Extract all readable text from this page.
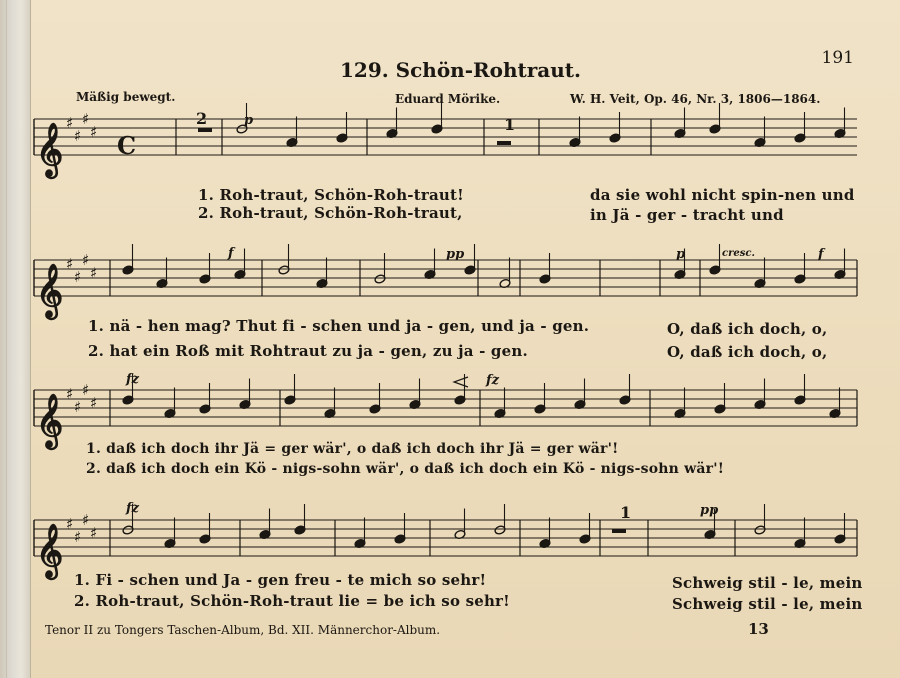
129. Schön-Rohtraut.	191
Mäßig bewegt.	Eduard Mörike.	W. H. Veit, Op. 46, Nr. 3, 1806—1864.
𝄞 ♯
♯
♯
♯
𝄞 ♯
♯
♯
♯
𝄞 ♯
♯
♯
♯
𝄞 ♯
♯
♯
♯
C
p
2	1
f	pp	p	cresc.	f
fz	fz
fz	pp
1
1. Roh-traut, Schön-Roh-traut!
2. Roh-traut, Schön-Roh-traut,
da sie wohl nicht spin-nen und
in Jä - ger - tracht und
1. nä - hen mag? Thut fi - schen und ja - gen, und ja - gen.
2. hat ein Roß mit Rohtraut zu ja - gen, zu ja - gen.
O, daß ich doch, o,
O, daß ich doch, o,
1. daß ich doch ihr Jä = ger wär', o daß ich doch ihr Jä = ger wär'!
2. daß ich doch ein Kö - nigs-sohn wär', o daß ich doch ein Kö - nigs-sohn wär'!
1. Fi - schen und Ja - gen freu - te mich so sehr!
2. Roh-traut, Schön-Roh-traut lie = be ich so sehr!
Schweig stil - le, mein
Schweig stil - le, mein
Tenor II zu Tongers Taschen-Album, Bd. XII. Männerchor-Album.	13
